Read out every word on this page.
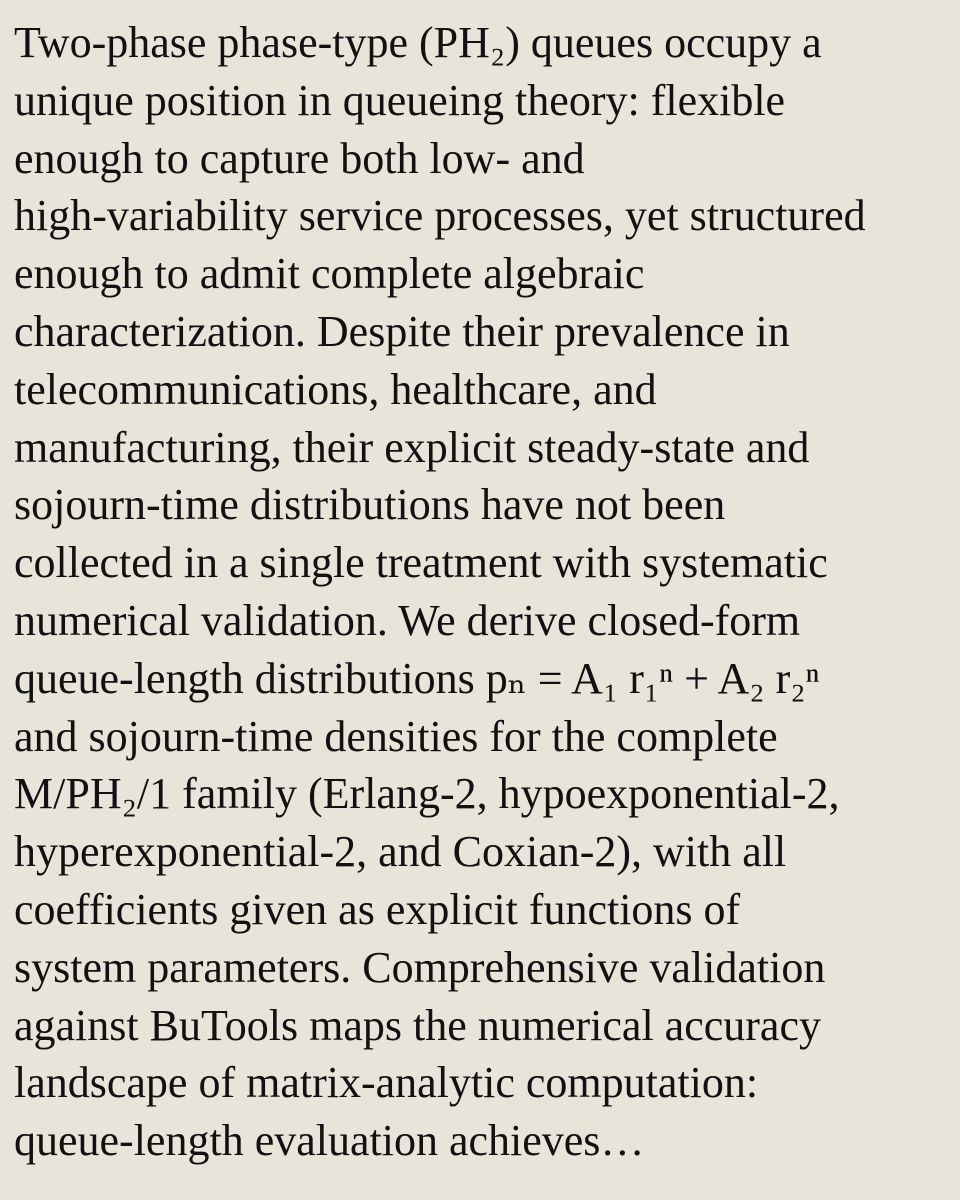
Two-phase phase-type (PH₂) queues occupy a
unique position in queueing theory: flexible
enough to capture both low- and
high-variability service processes, yet structured
enough to admit complete algebraic
characterization. Despite their prevalence in
telecommunications, healthcare, and
manufacturing, their explicit steady-state and
sojourn-time distributions have not been
collected in a single treatment with systematic
numerical validation. We derive closed-form
queue-length distributions pₙ = A₁ r₁ⁿ + A₂ r₂ⁿ
and sojourn-time densities for the complete
M/PH₂/1 family (Erlang-2, hypoexponential-2,
hyperexponential-2, and Coxian-2), with all
coefficients given as explicit functions of
system parameters. Comprehensive validation
against BuTools maps the numerical accuracy
landscape of matrix-analytic computation:
queue-length evaluation achieves…
